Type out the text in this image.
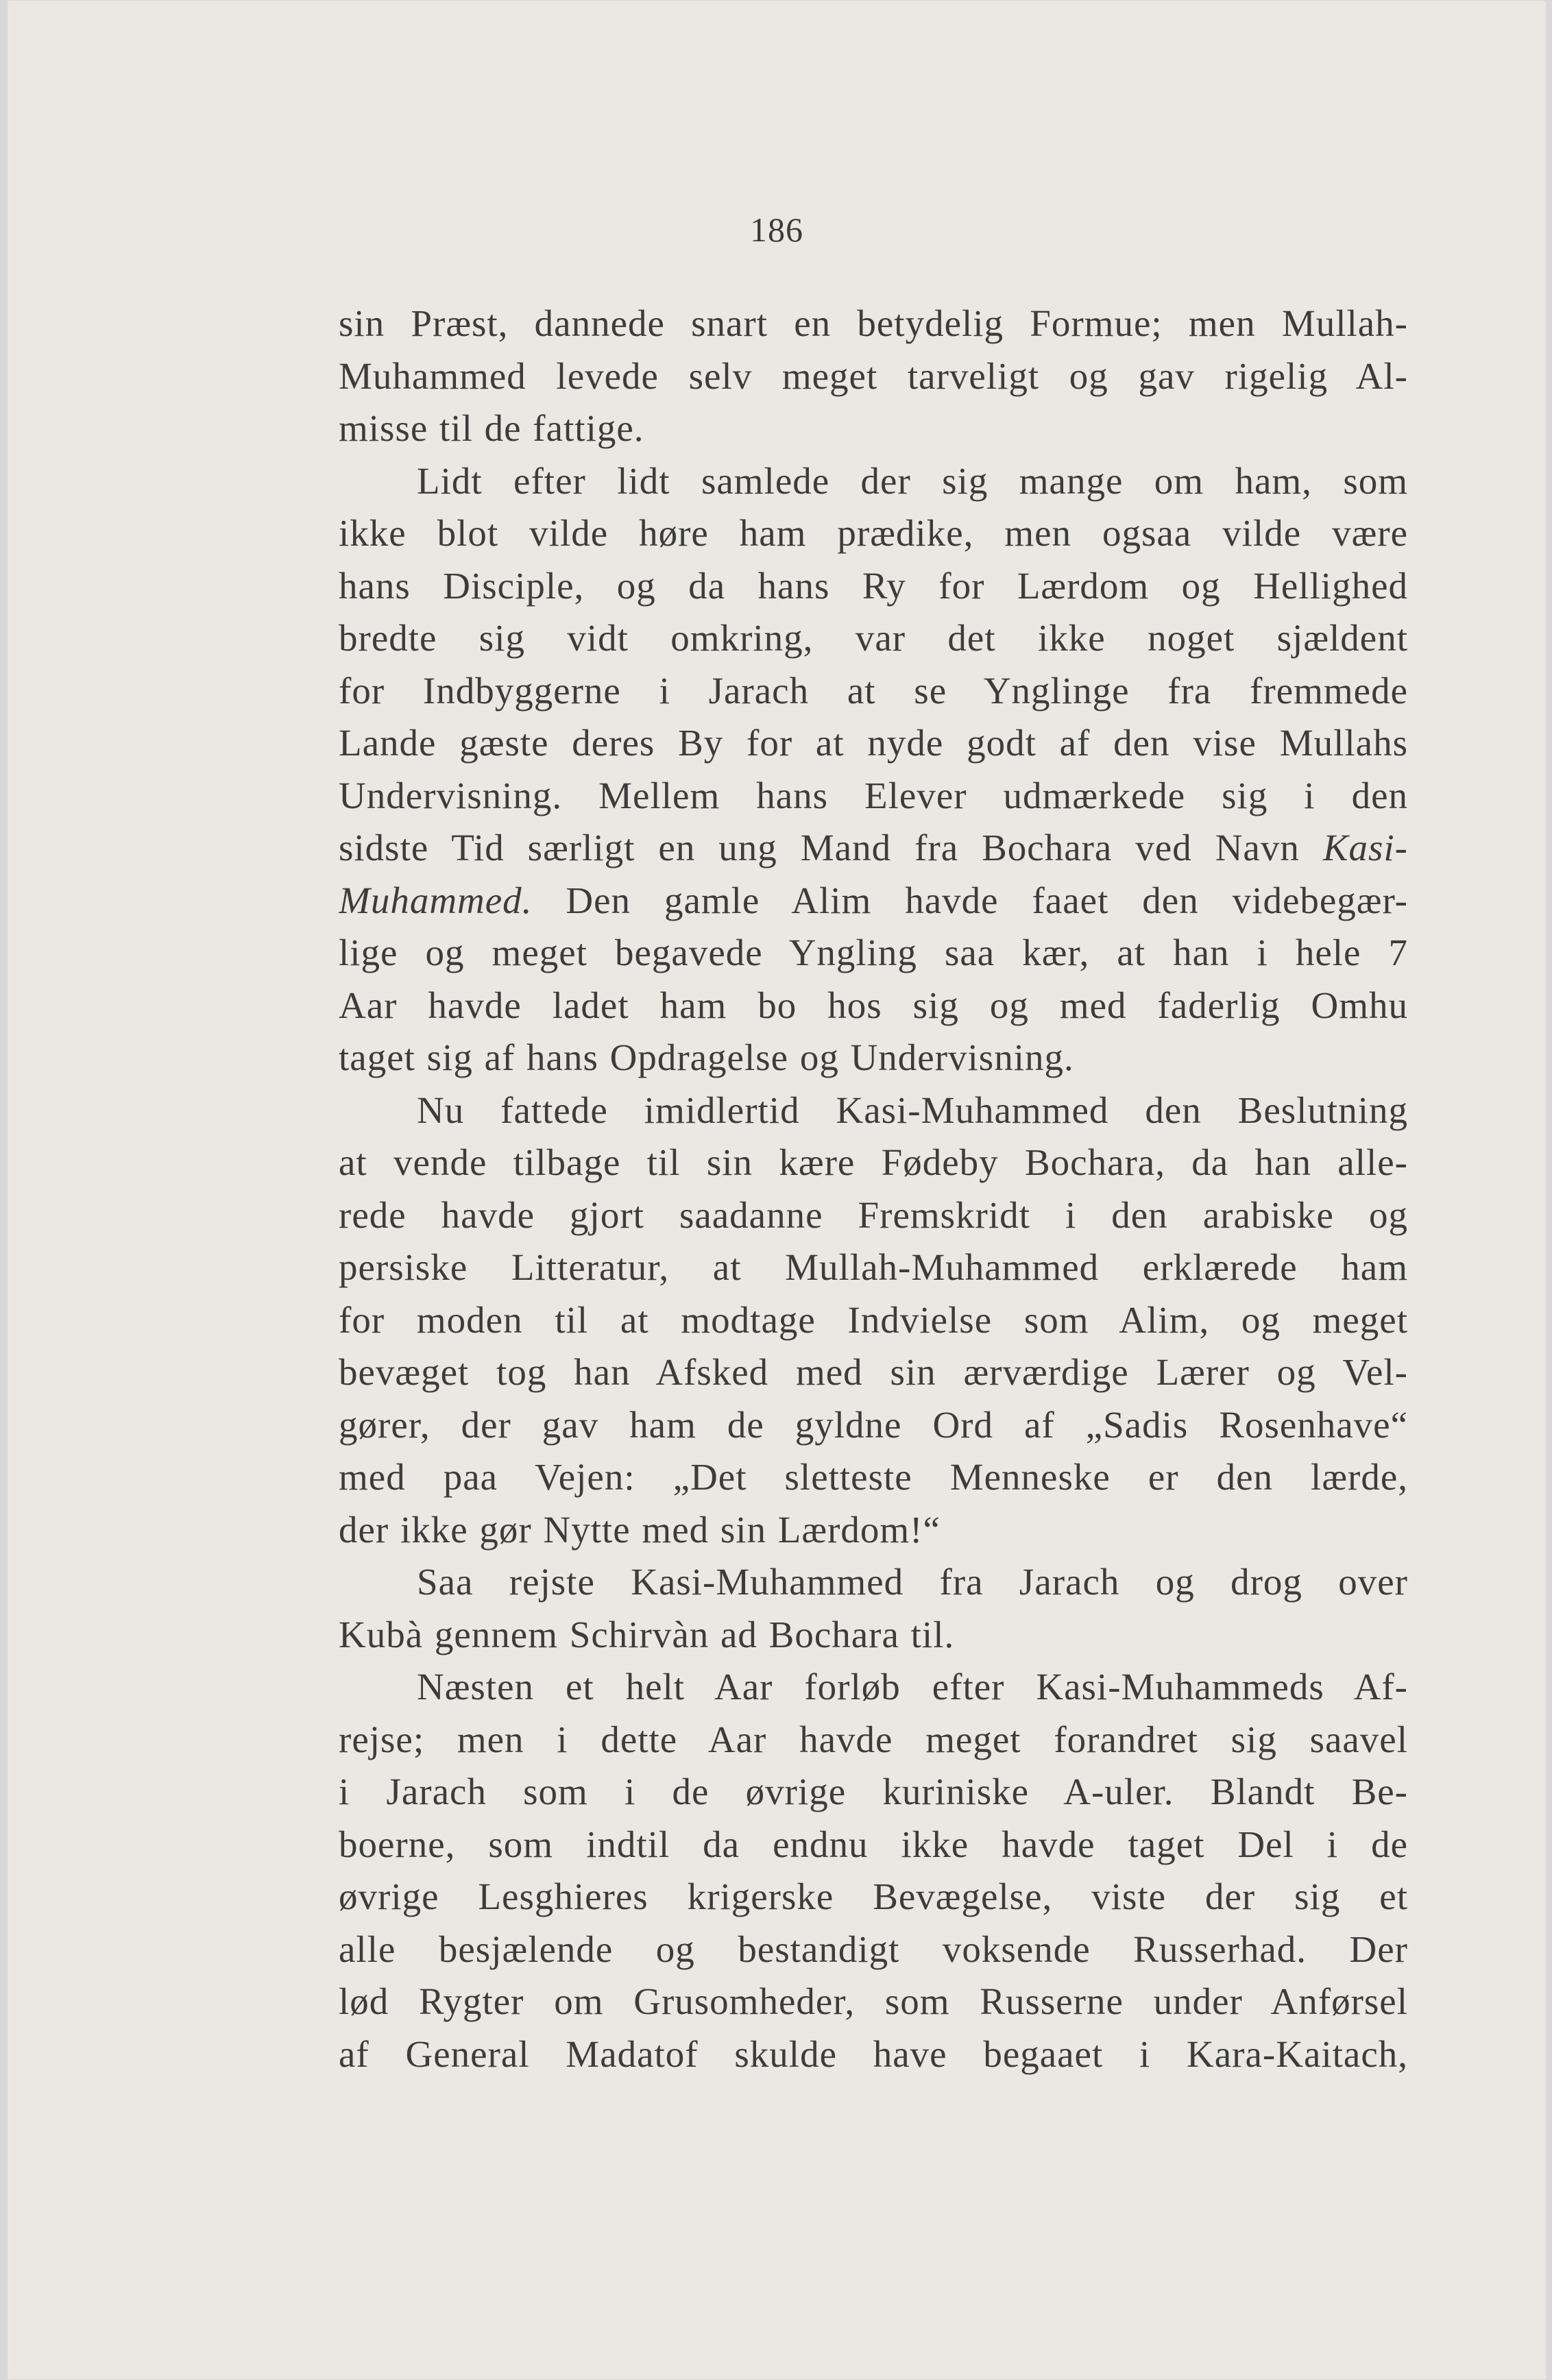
186
sin Præst, dannede snart en betydelig Formue; men Mullah-
Muhammed levede selv meget tarveligt og gav rigelig Al-
misse til de fattige.
Lidt efter lidt samlede der sig mange om ham, som
ikke blot vilde høre ham prædike, men ogsaa vilde være
hans Disciple, og da hans Ry for Lærdom og Hellighed
bredte sig vidt omkring, var det ikke noget sjældent
for Indbyggerne i Jarach at se Ynglinge fra fremmede
Lande gæste deres By for at nyde godt af den vise Mullahs
Undervisning. Mellem hans Elever udmærkede sig i den
sidste Tid særligt en ung Mand fra Bochara ved Navn Kasi-
Muhammed. Den gamle Alim havde faaet den videbegær-
lige og meget begavede Yngling saa kær, at han i hele 7
Aar havde ladet ham bo hos sig og med faderlig Omhu
taget sig af hans Opdragelse og Undervisning.
Nu fattede imidlertid Kasi-Muhammed den Beslutning
at vende tilbage til sin kære Fødeby Bochara, da han alle-
rede havde gjort saadanne Fremskridt i den arabiske og
persiske Litteratur, at Mullah-Muhammed erklærede ham
for moden til at modtage Indvielse som Alim, og meget
bevæget tog han Afsked med sin ærværdige Lærer og Vel-
gører, der gav ham de gyldne Ord af „Sadis Rosenhave“
med paa Vejen: „Det sletteste Menneske er den lærde,
der ikke gør Nytte med sin Lærdom!“
Saa rejste Kasi-Muhammed fra Jarach og drog over
Kubà gennem Schirvàn ad Bochara til.
Næsten et helt Aar forløb efter Kasi-Muhammeds Af-
rejse; men i dette Aar havde meget forandret sig saavel
i Jarach som i de øvrige kuriniske A-uler. Blandt Be-
boerne, som indtil da endnu ikke havde taget Del i de
øvrige Lesghieres krigerske Bevægelse, viste der sig et
alle besjælende og bestandigt voksende Russerhad. Der
lød Rygter om Grusomheder, som Russerne under Anførsel
af General Madatof skulde have begaaet i Kara-Kaitach,
